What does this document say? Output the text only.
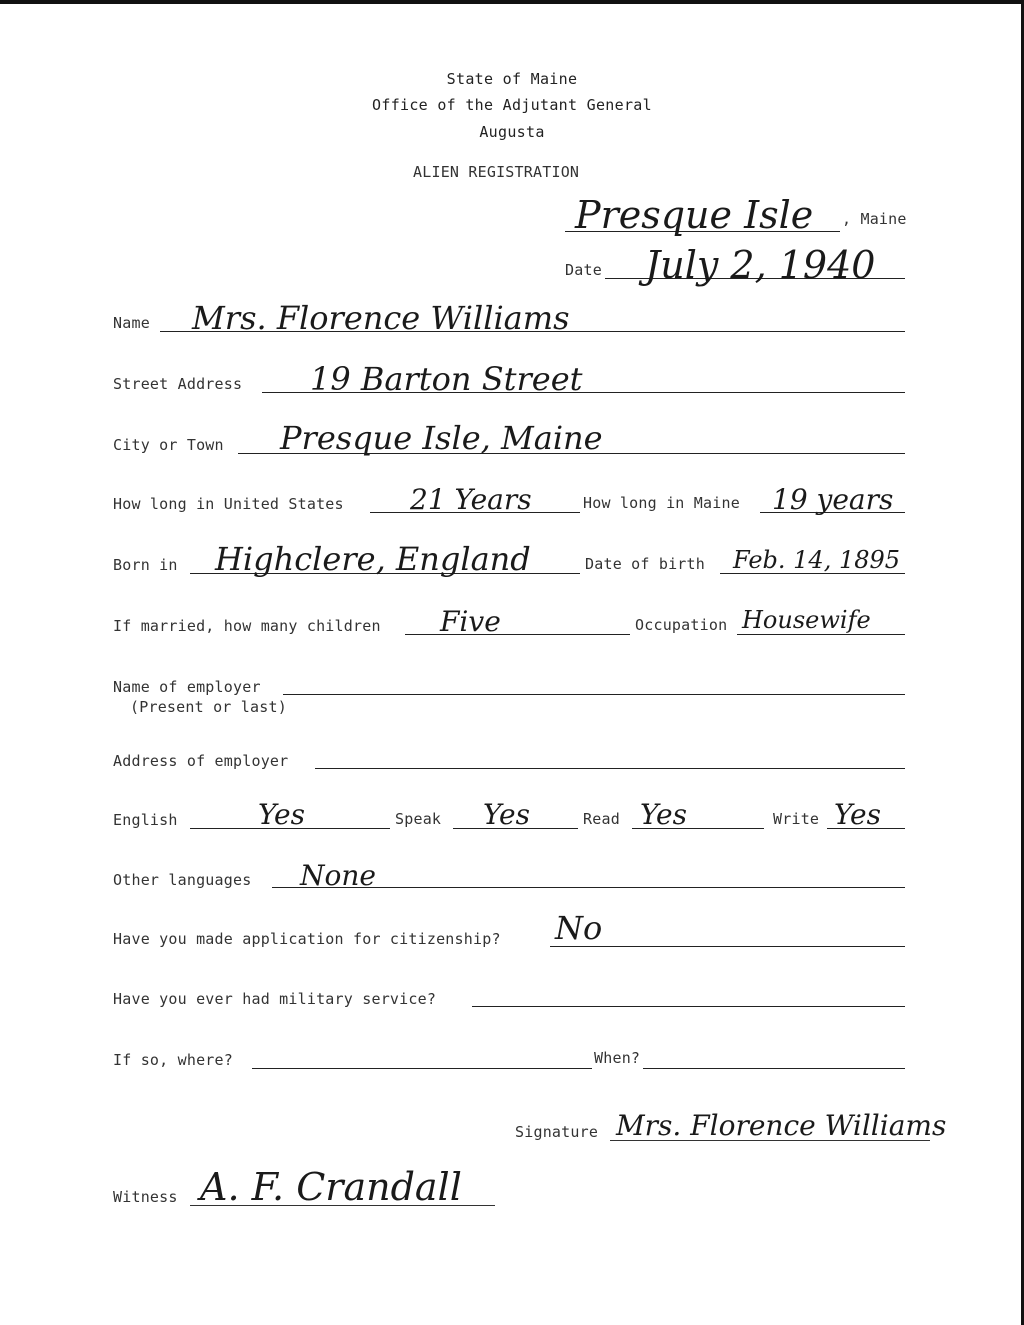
State of Maine
Office of the Adjutant General
Augusta
ALIEN REGISTRATION
Presque Isle , Maine
Date July 2, 1940
Name Mrs. Florence Williams
Street Address 19 Barton Street
City or Town Presque Isle, Maine
How long in United States 21 Years	How long in Maine 19 years
Born in Highclere, England	Date of birth Feb. 14, 1895
If married, how many children Five	Occupation Housewife
Name of employer
(Present or last)
Address of employer
English	Yes	Speak Yes	Read Yes	Write Yes
Other languages None
Have you made application for citizenship? No
Have you ever had military service?
If so, where?	When?
Signature Mrs. Florence Williams
Witness A. F. Crandall
